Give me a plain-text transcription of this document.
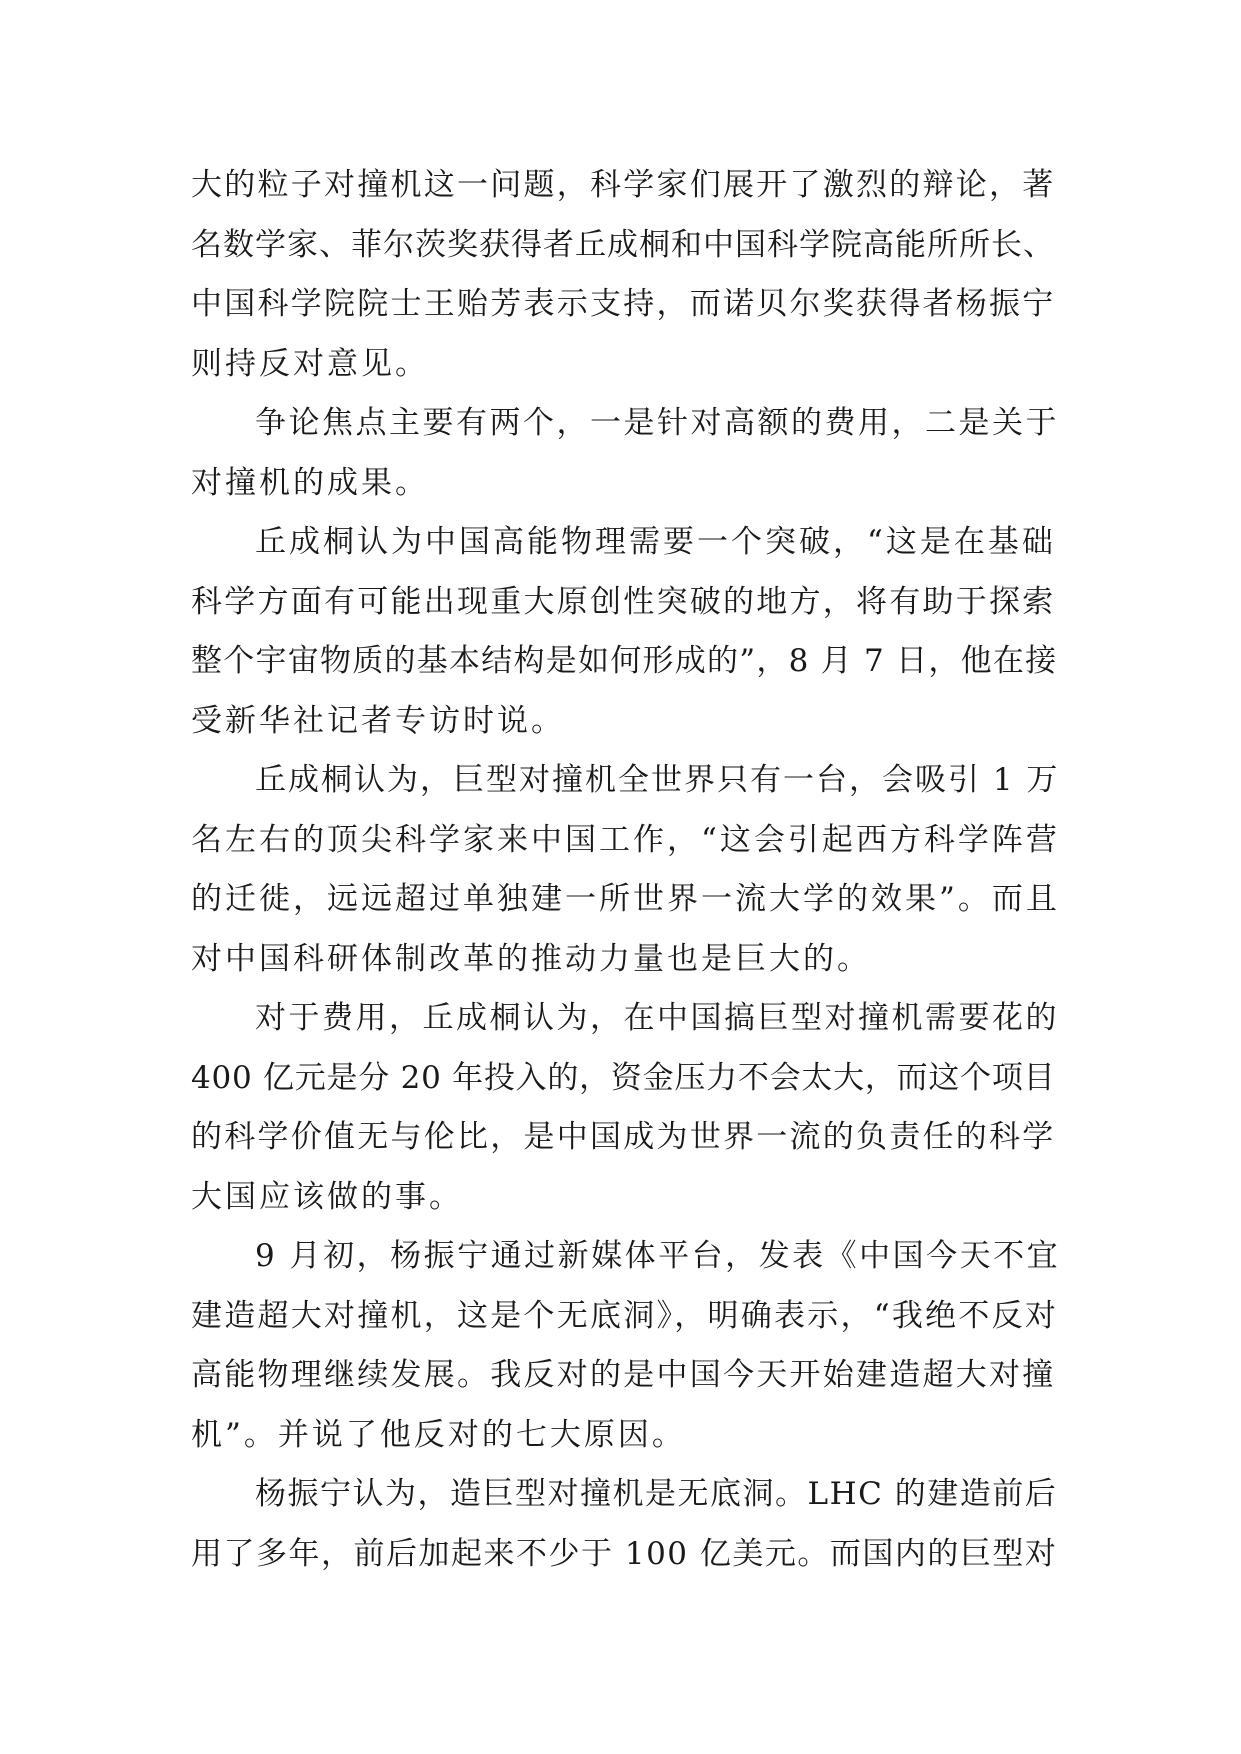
大的粒子对撞机这一问题，科学家们展开了激烈的辩论，著
名数学家、菲尔茨奖获得者丘成桐和中国科学院高能所所长、
中国科学院院士王贻芳表示支持，而诺贝尔奖获得者杨振宁
则持反对意见。
争论焦点主要有两个，一是针对高额的费用，二是关于
对撞机的成果。
丘成桐认为中国高能物理需要一个突破，“这是在基础
科学方面有可能出现重大原创性突破的地方，将有助于探索
整个宇宙物质的基本结构是如何形成的”，8 月 7 日，他在接
受新华社记者专访时说。
丘成桐认为，巨型对撞机全世界只有一台，会吸引 1 万
名左右的顶尖科学家来中国工作，“这会引起西方科学阵营
的迁徙，远远超过单独建一所世界一流大学的效果”。而且
对中国科研体制改革的推动力量也是巨大的。
对于费用，丘成桐认为，在中国搞巨型对撞机需要花的
400 亿元是分 20 年投入的，资金压力不会太大，而这个项目
的科学价值无与伦比，是中国成为世界一流的负责任的科学
大国应该做的事。
9 月初，杨振宁通过新媒体平台，发表《中国今天不宜
建造超大对撞机，这是个无底洞》，明确表示，“我绝不反对
高能物理继续发展。我反对的是中国今天开始建造超大对撞
机”。并说了他反对的七大原因。
杨振宁认为，造巨型对撞机是无底洞。LHC 的建造前后
用了多年，前后加起来不少于 100 亿美元。而国内的巨型对
